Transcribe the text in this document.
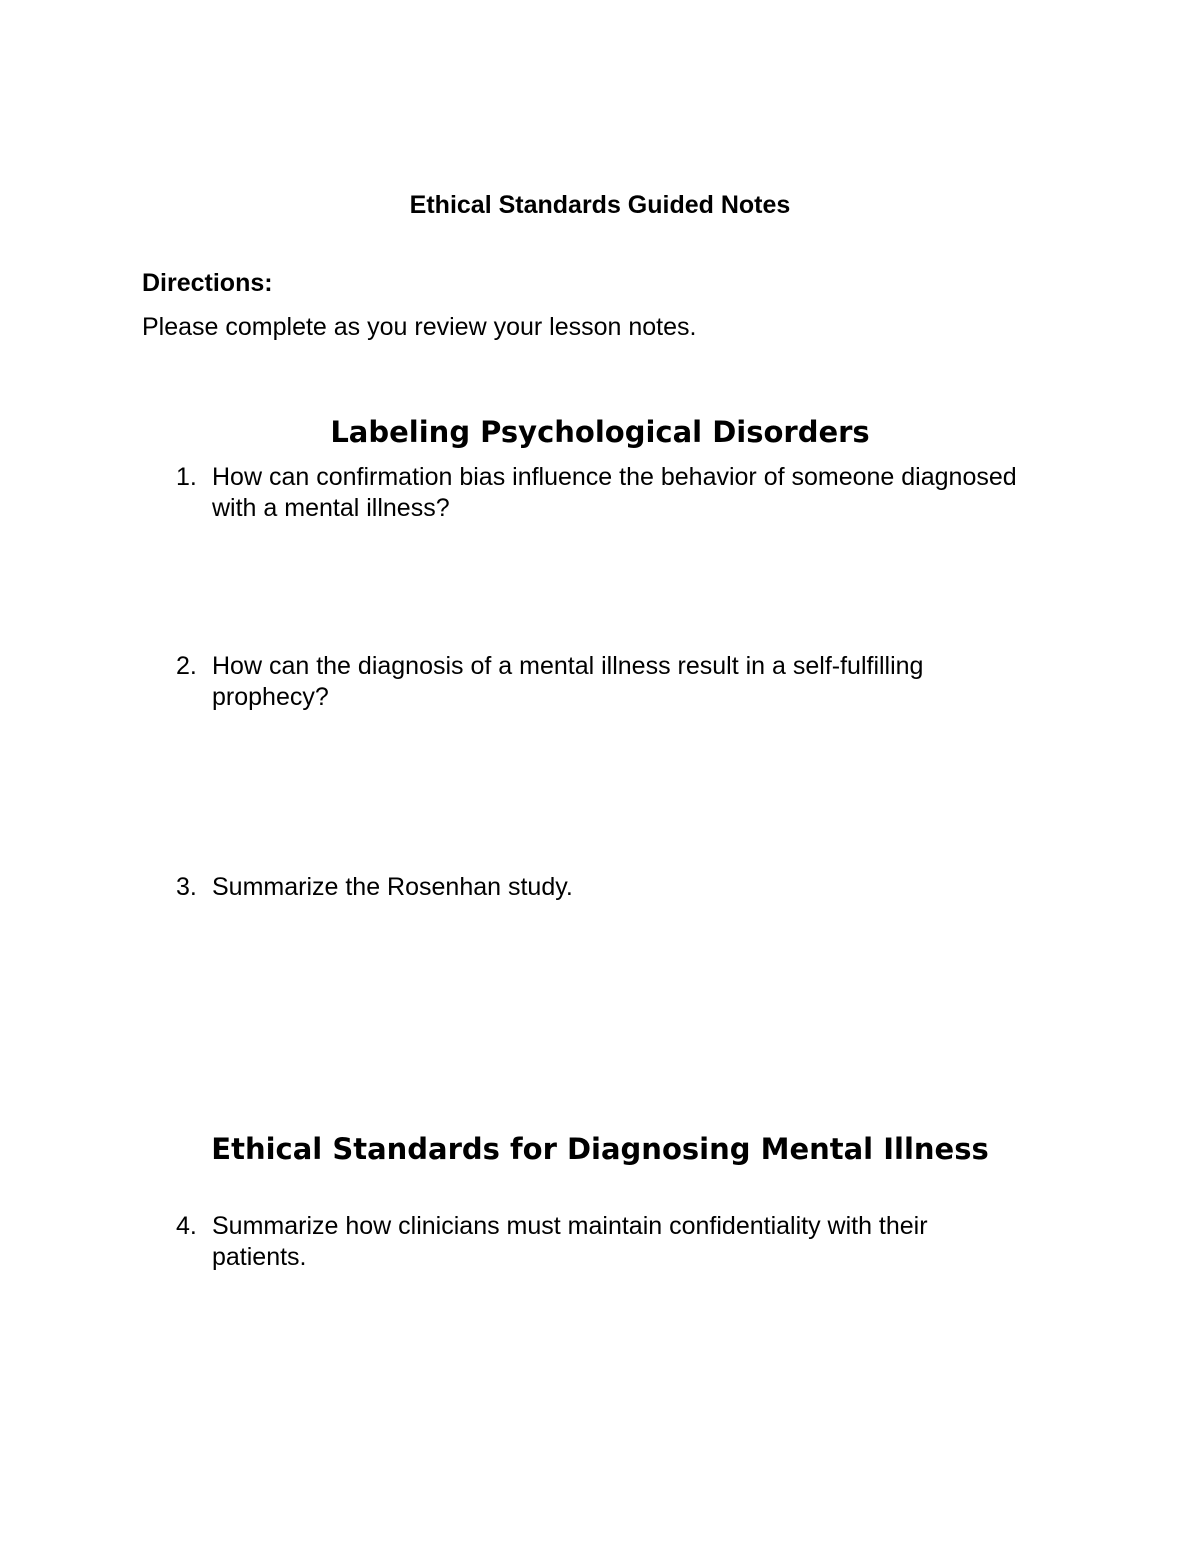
Ethical Standards Guided Notes
Directions:
Please complete as you review your lesson notes.
Labeling Psychological Disorders
1. How can confirmation bias influence the behavior of someone diagnosed with a mental illness?
2. How can the diagnosis of a mental illness result in a self-fulfilling prophecy?
3. Summarize the Rosenhan study.
Ethical Standards for Diagnosing Mental Illness
4. Summarize how clinicians must maintain confidentiality with their patients.
